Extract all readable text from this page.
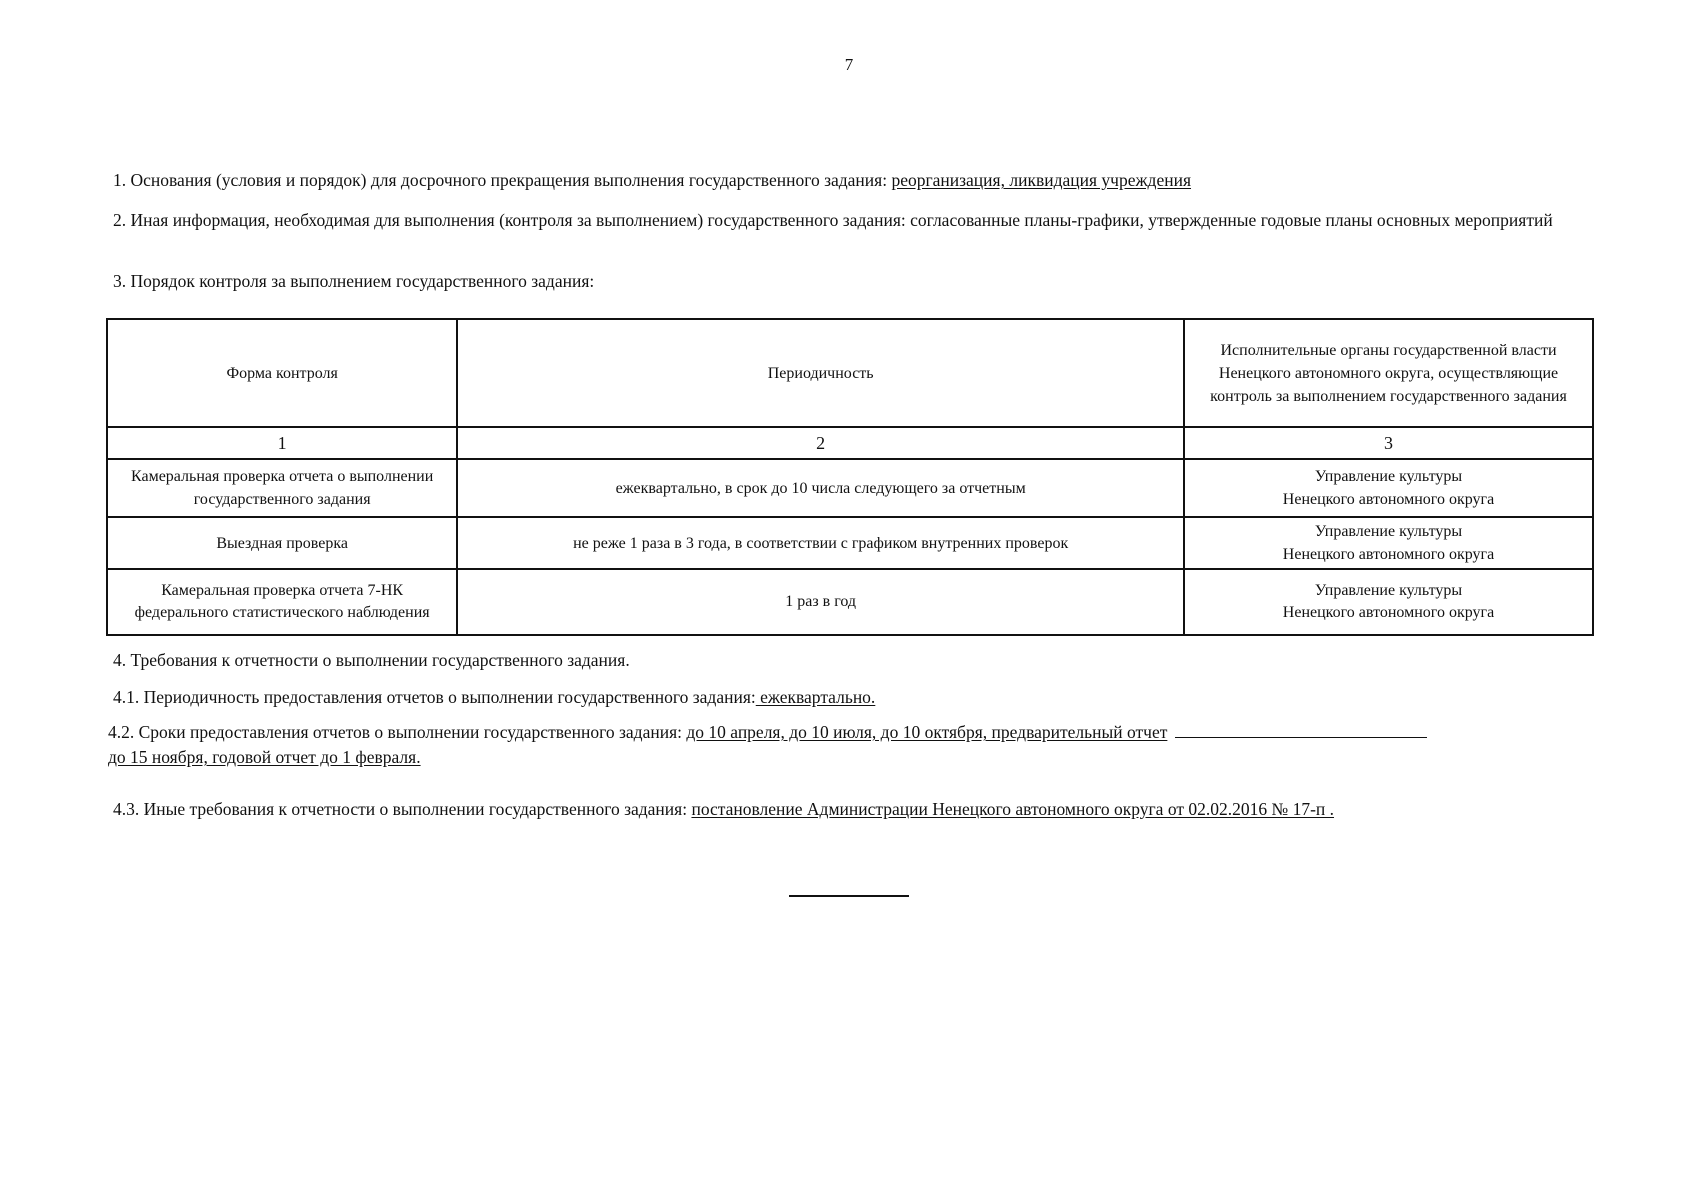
7
1. Основания (условия и порядок) для досрочного прекращения выполнения государственного задания: реорганизация, ликвидация учреждения
2. Иная информация, необходимая для выполнения (контроля за выполнением) государственного задания: согласованные планы-графики, утвержденные годовые планы основных мероприятий
3. Порядок контроля за выполнением государственного задания:
Форма контроля	Периодичность	Исполнительные органы государственной власти Ненецкого автономного округа, осуществляющие контроль за выполнением государственного задания
1	2	3
Камеральная проверка отчета о выполнении государственного задания	ежеквартально, в срок до 10 числа следующего за отчетным	Управление культуры
Ненецкого автономного округа
Выездная проверка	не реже 1 раза в 3 года, в соответствии с графиком внутренних проверок	Управление культуры
Ненецкого автономного округа
Камеральная проверка отчета 7-НК федерального статистического наблюдения	1 раз в год	Управление культуры
Ненецкого автономного округа
4. Требования к отчетности о выполнении государственного задания.
4.1. Периодичность предоставления отчетов о выполнении государственного задания: ежеквартально.
4.2. Сроки предоставления отчетов о выполнении государственного задания: до 10 апреля, до 10 июля, до 10 октября, предварительный отчет
до 15 ноября, годовой отчет до 1 февраля.
4.3. Иные требования к отчетности о выполнении государственного задания: постановление Администрации Ненецкого автономного округа от 02.02.2016 № 17-п .
